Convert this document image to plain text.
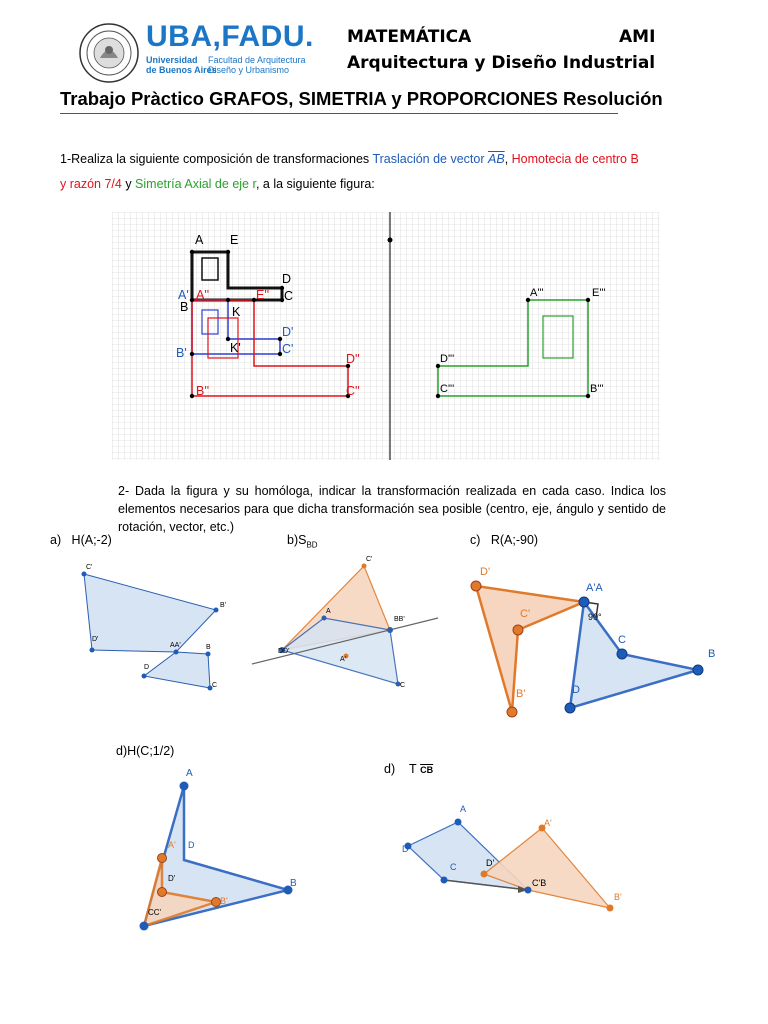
UBA,FADU.
Universidad
de Buenos Aires
Facultad de Arquitectura
Diseño y Urbanismo
MATEMÁTICA	AMI
Arquitectura y Diseño Industrial
Trabajo Pràctico GRAFOS, SIMETRIA y PROPORCIONES Resolución
1-Realiza la siguiente composición de transformaciones Traslación de vector $\overline{AB}$, Homotecia de centro B
y razón 7/4 y Simetría Axial de eje r, a la siguiente figura:
A E
D
C
B	K
A'
D'
C'
B'	K'
A''	E''
D''
C''
B''
A'''	E'''
D'''
C'''	B'''
2- Dada la figura y su homóloga, indicar la transformación realizada en cada caso. Indica los elementos necesarios para que dicha transformación sea posible (centro, eje, ángulo y sentido de rotación, vector, etc.)
a) H(A;-2)	$b)S_{BD}$	c) R(A;-90)
C'
B'
D'
AA'	B
D
C
C'
A
BB'
DD'
A'
C
D'
C'
A'A
90°
B'
C
B
D
d)H(C;1/2)
d) T $\overline{CB}$
A
A' D
D'
B'
B
CC'
A
A'
D
C	D'
C'B
B'
